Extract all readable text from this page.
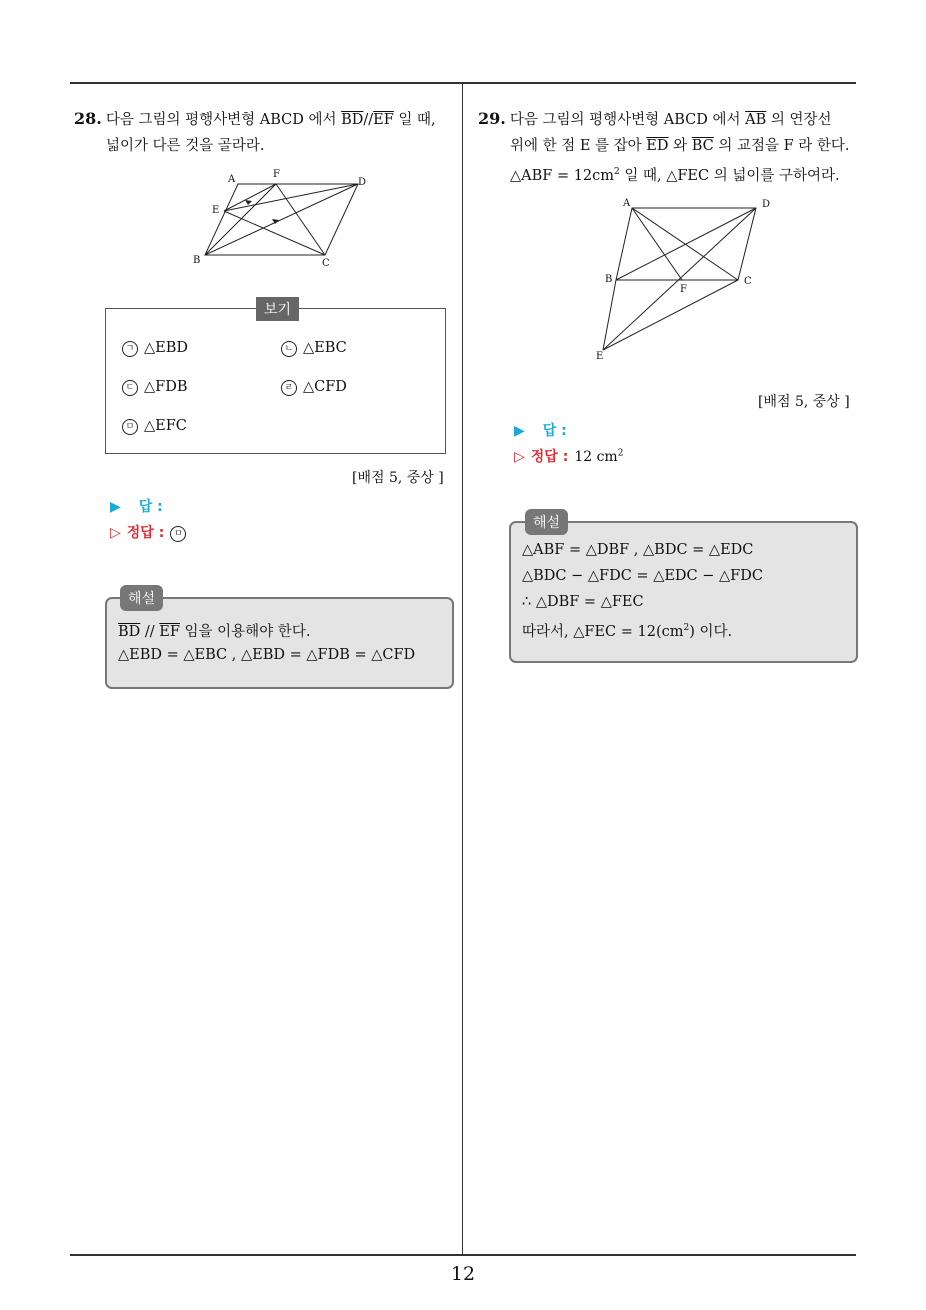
28. 다음 그림의 평행사변형 ABCD 에서 $\overline{BD}//\overline{EF}$ 일 때,
넓이가 다른 것을 골라라.
A	F
D
E
B	C
보기
ㄱ △EBD	ㄴ △EBC
ㄷ △FDB	ㄹ △CFD
ㅁ △EFC
[배점 5, 중상 ]
▶ 답 :
▷ 정답 : ㅁ
해설
$\overline{BD} // \overline{EF}$ 임을 이용해야 한다.
△EBD = △EBC , △EBD = △FDB = △CFD
29. 다음 그림의 평행사변형 ABCD 에서 $\overline{AB}$ 의 연장선
위에 한 점 E 를 잡아 $\overline{ED}$ 와 $\overline{BC}$ 의 교점을 F 라 한다.
△ABF = $12cm^2$ 일 때, △FEC 의 넓이를 구하여라.
A	D
B
F
C
E
[배점 5, 중상 ]
▶ 답 :
▷ 정답 : 12 $cm^2$
해설
△ABF = △DBF , △BDC = △EDC
△BDC − △FDC = △EDC − △FDC
∴ △DBF = △FEC
따라서, △FEC = $12(cm^2)$ 이다.
12
